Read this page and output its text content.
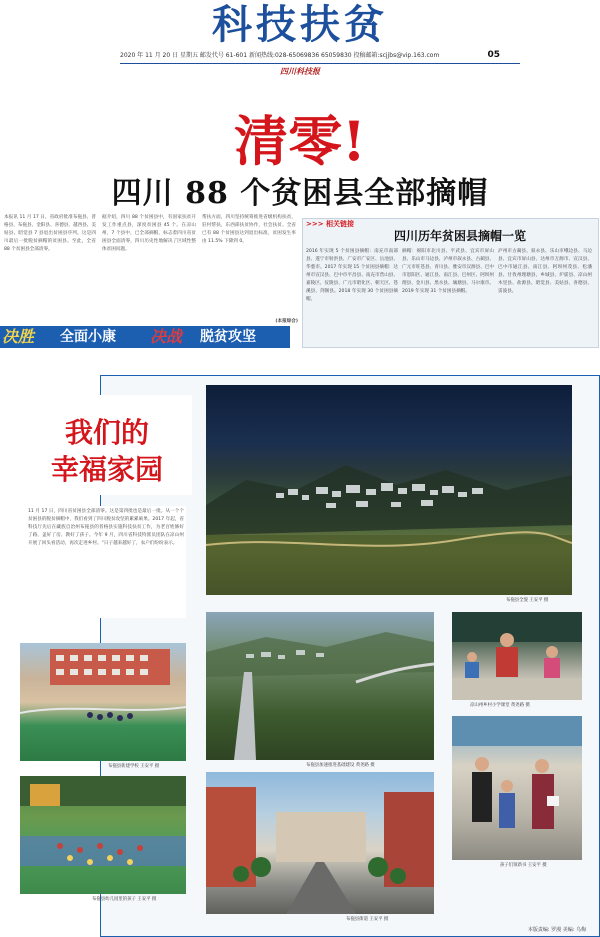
科技扶贫
2020 年 11 月 20 日 星期五 邮发代号 61-601 新闻热线:028-65069836 65059830 投稿邮箱:scjjbs@vip.163.com	05
四川科技报
清零!
四川 88 个贫困县全部摘帽
本报讯 11 月 17 日，省政府批准布拖县、普格县、布拖县、金阳县、喜德县、越西县、美姑县、昭觉县 7 县退出贫困县序列。这是四川最后一批脱贫摘帽的贫困县。至此，全省 88 个贫困县全部清零。
据介绍，四川 88 个贫困县中，有国家扶贫开发工作重点县，深度贫困县 45 个。在凉山州，7 个县中，已全部摘帽，标志着四川省贫困县全面清零，四川历史性地解决了区域性整体贫困问题。
帮扶方面，四川坚持统筹推进省级机构扶贫，驻村帮扶，东西部扶贫协作，社会扶贫。全省已有 88 个贫困县达到退出标准，贫困发生率由 11.5% 下降到 0。
(本报综合)
>>> 相关链接
四川历年贫困县摘帽一览
2016 年实现 5 个贫困县摘帽：南充市南部县、遂宁市射洪县、广安市广安区、岳池县、华蓥市。2017 年实现 15 个贫困县摘帽：达州市宣汉县、巴中市平昌县、南充市营山县、嘉陵区、仪陇县、广元市昭化区、朝天区、苍溪县、剑阁县。2018 年实现 30 个贫困县摘帽。
摘帽：绵阳市北川县、平武县、宜宾市屏山县、乐山市马边县、泸州市叙永县、古蔺县、广元市旺苍县、青川县、雅安市汉源县、巴中市恩阳区、通江县、南江县、巴州区、阿坝州理县、金川县、黑水县、壤塘县、马尔康市。2019 年实现 31 个贫困县摘帽。
泸州市古蔺县、叙永县、乐山市峨边县、马边县、宜宾市屏山县、达州市万源市、宣汉县、巴中市通江县、南江县、阿坝州茂县、松潘县、甘孜州理塘县、乡城县、炉霍县、凉山州木里县、盐源县、昭觉县、美姑县、喜德县、雷波县。
决胜 全面小康 决战 脱贫攻坚
我们的
幸福家园
11 月 17 日，四川省贫困县全部清零。这是第四批也是最后一批。从一个个贫困县的脱贫摘帽中，我们看到了四川脱贫攻坚的累累硕果。2017 年起，省科技厅先后在藏族自治州布拖县的普格县实施科技扶贫工作，为老百姓修好了路、盖好了房、教好了孩子。今年 9 月，四川省科技特派员团队在凉山州开展了回头看活动，再次走进乡村。“日子越来越好了，农户们纷纷表示。
布拖县全貌 王安平 摄
布拖县加速推进基础建设 黄尧路 摄
凉山州乡村小学课堂 黄尧路 摄
布拖县新建学校 王安平 摄
布拖县幼儿园里的孩子 王安平 摄
布拖县街道 王安平 摄
孩子们领新书 王安平 摄
本版责编: 罗漫 美编: 乌梅
